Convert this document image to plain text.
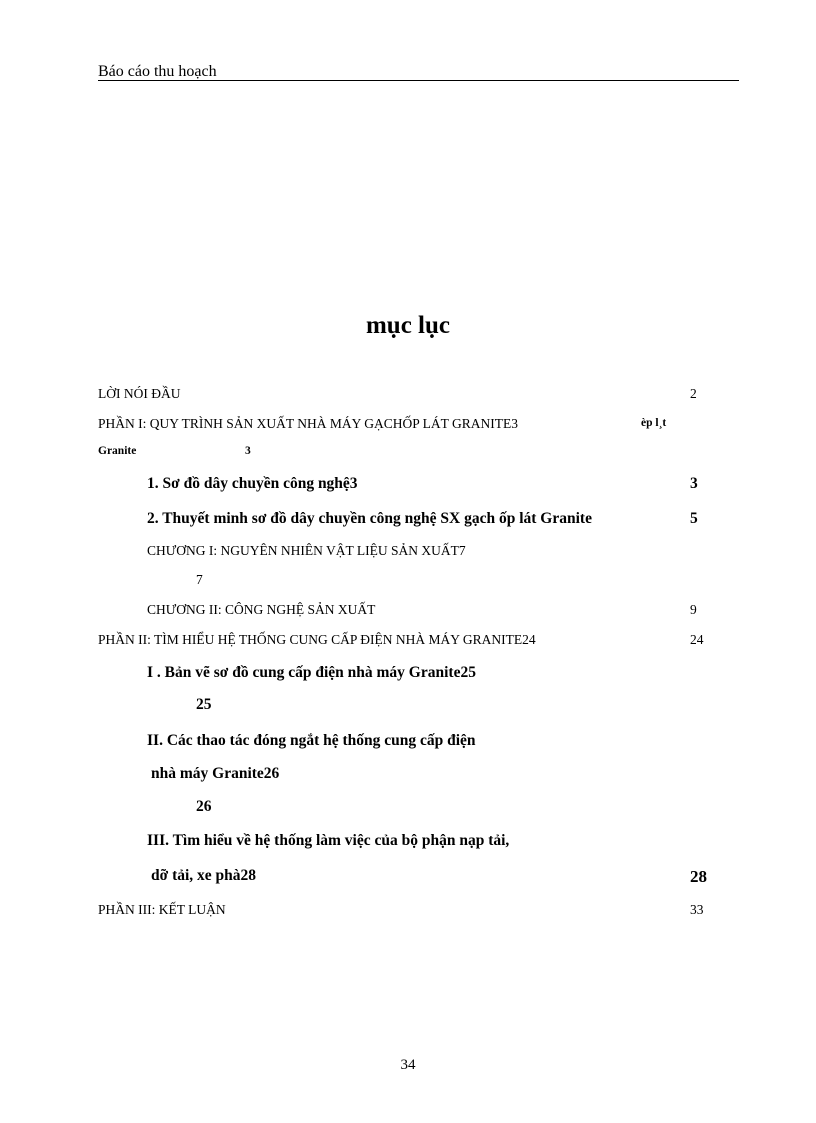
Báo cáo thu hoạch
mục lục
LỜI NÓI ĐẦU	2
PHẦN I: QUY TRÌNH SẢN XUẤT NHÀ MÁY GẠCHỐP LÁT GRANITE3	èp l¸t
Granite	3
1. Sơ đồ dây chuyền công nghệ3	3
2. Thuyết minh sơ đồ dây chuyền công nghệ SX gạch ốp lát Granite	5
CHƯƠNG I: NGUYÊN NHIÊN VẬT LIỆU SẢN XUẤT7
7
CHƯƠNG II: CÔNG NGHỆ SẢN XUẤT	9
PHẦN II: TÌM HIỂU HỆ THỐNG CUNG CẤP ĐIỆN NHÀ MÁY GRANITE24	24
I . Bản vẽ sơ đồ cung cấp điện nhà máy Granite25
25
II. Các thao tác đóng ngắt hệ thống cung cấp điện
nhà máy Granite26
26
III. Tìm hiểu về hệ thống làm việc của bộ phận nạp tải,
dỡ tải, xe phà28	28
PHẦN III: KẾT LUẬN	33
34
